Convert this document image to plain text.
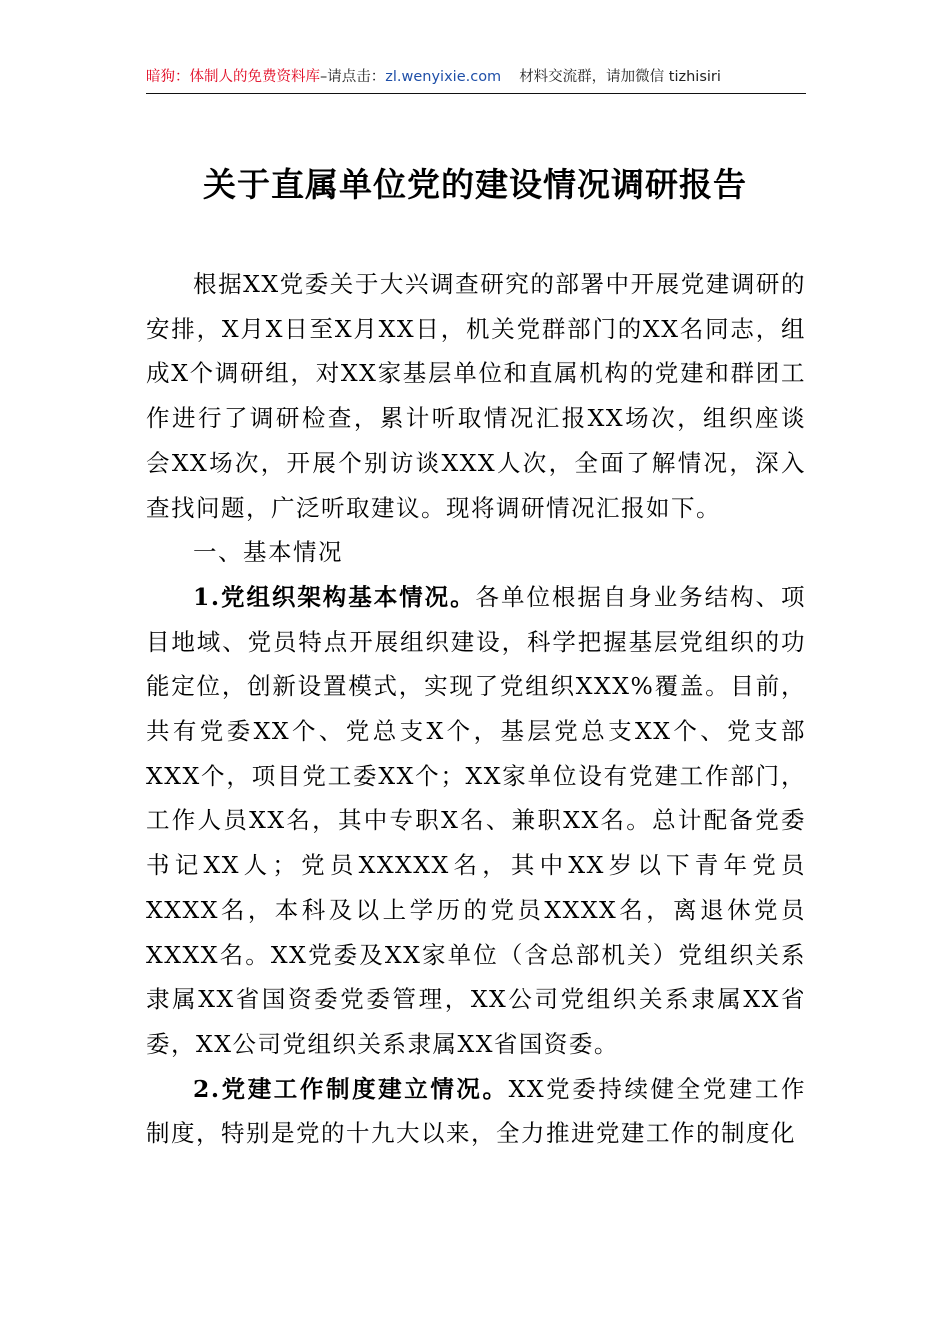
暗狗：体制人的免费资料库–请点击：zl.wenyixie.com 材料交流群，请加微信 tizhisiri
关于直属单位党的建设情况调研报告

根据XX党委关于大兴调查研究的部署中开展党建调研的安排，X月X日至X月XX日，机关党群部门的XX名同志，组成X个调研组，对XX家基层单位和直属机构的党建和群团工作进行了调研检查，累计听取情况汇报XX场次，组织座谈会XX场次，开展个别访谈XXX人次，全面了解情况，深入查找问题，广泛听取建议。现将调研情况汇报如下。

一、基本情况

1.党组织架构基本情况。各单位根据自身业务结构、项目地域、党员特点开展组织建设，科学把握基层党组织的功能定位，创新设置模式，实现了党组织XXX%覆盖。目前，共有党委XX个、党总支X个，基层党总支XX个、党支部XXX个，项目党工委XX个；XX家单位设有党建工作部门，工作人员XX名，其中专职X名、兼职XX名。总计配备党委书记XX人；党员XXXXX名，其中XX岁以下青年党员XXXX名，本科及以上学历的党员XXXX名，离退休党员XXXX名。XX党委及XX家单位（含总部机关）党组织关系隶属XX省国资委党委管理，XX公司党组织关系隶属XX省委，XX公司党组织关系隶属XX省国资委。

2.党建工作制度建立情况。XX党委持续健全党建工作制度，特别是党的十九大以来，全力推进党建工作的制度化
